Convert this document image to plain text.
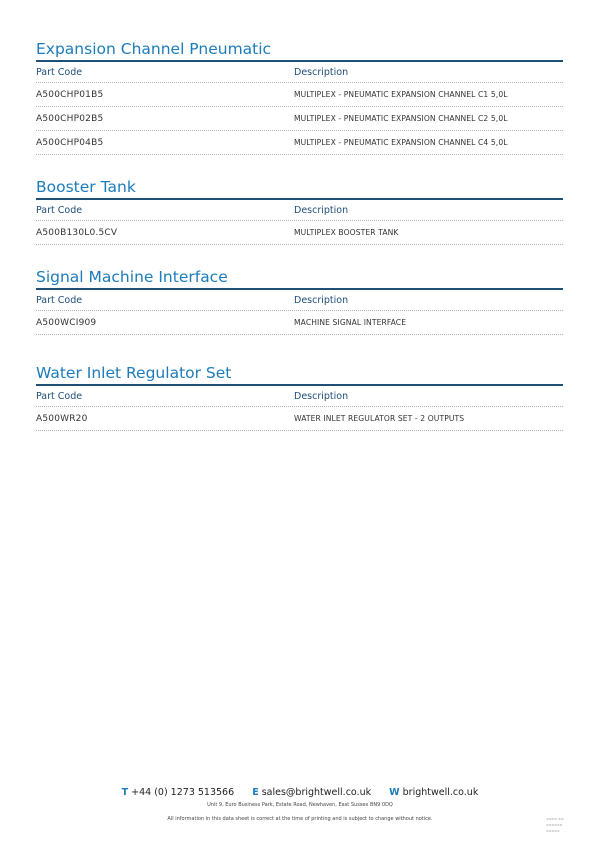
Expansion Channel Pneumatic
Part Code	Description
A500CHP01B5	MULTIPLEX - PNEUMATIC EXPANSION CHANNEL C1 5,0L
A500CHP02B5	MULTIPLEX - PNEUMATIC EXPANSION CHANNEL C2 5,0L
A500CHP04B5	MULTIPLEX - PNEUMATIC EXPANSION CHANNEL C4 5,0L
Booster Tank
Part Code	Description
A500B130L0.5CV	MULTIPLEX BOOSTER TANK
Signal Machine Interface
Part Code	Description
A500WCI909	MACHINE SIGNAL INTERFACE
Water Inlet Regulator Set
Part Code	Description
A500WR20	WATER INLET REGULATOR SET - 2 OUTPUTS
T +44 (0) 1273 513566 E sales@brightwell.co.uk W brightwell.co.uk
Unit 9, Euro Business Park, Estate Road, Newhaven, East Sussex BN9 0DQ
All information in this data sheet is correct at the time of printing and is subject to change without notice.	▪▪▪▪ ▪▪
▪▪▪▪▪▪
▪▪▪▪▪
